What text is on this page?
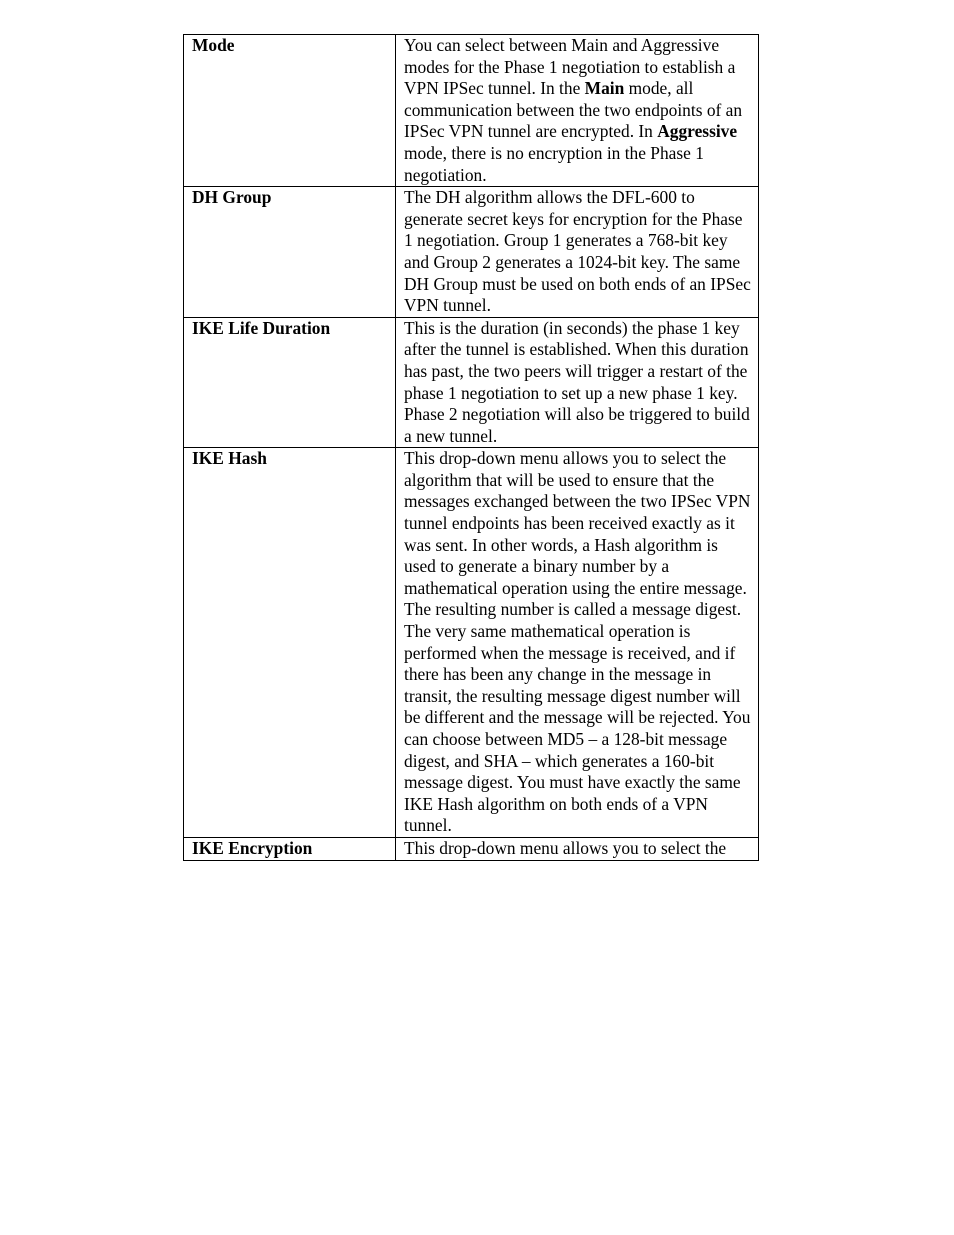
Mode	You can select between Main and Aggressive modes for the Phase 1 negotiation to establish a VPN IPSec tunnel. In the Main mode, all communication between the two endpoints of an IPSec VPN tunnel are encrypted. In Aggressive mode, there is no encryption in the Phase 1 negotiation.
DH Group	The DH algorithm allows the DFL-600 to generate secret keys for encryption for the Phase 1 negotiation. Group 1 generates a 768-bit key and Group 2 generates a 1024-bit key. The same DH Group must be used on both ends of an IPSec VPN tunnel.
IKE Life Duration	This is the duration (in seconds) the phase 1 key after the tunnel is established. When this duration has past, the two peers will trigger a restart of the phase 1 negotiation to set up a new phase 1 key. Phase 2 negotiation will also be triggered to build a new tunnel.
IKE Hash	This drop-down menu allows you to select the algorithm that will be used to ensure that the messages exchanged between the two IPSec VPN tunnel endpoints has been received exactly as it was sent. In other words, a Hash algorithm is used to generate a binary number by a mathematical operation using the entire message. The resulting number is called a message digest. The very same mathematical operation is performed when the message is received, and if there has been any change in the message in transit, the resulting message digest number will be different and the message will be rejected. You can choose between MD5 – a 128-bit message digest, and SHA – which generates a 160-bit message digest. You must have exactly the same IKE Hash algorithm on both ends of a VPN tunnel.
IKE Encryption	This drop-down menu allows you to select the
